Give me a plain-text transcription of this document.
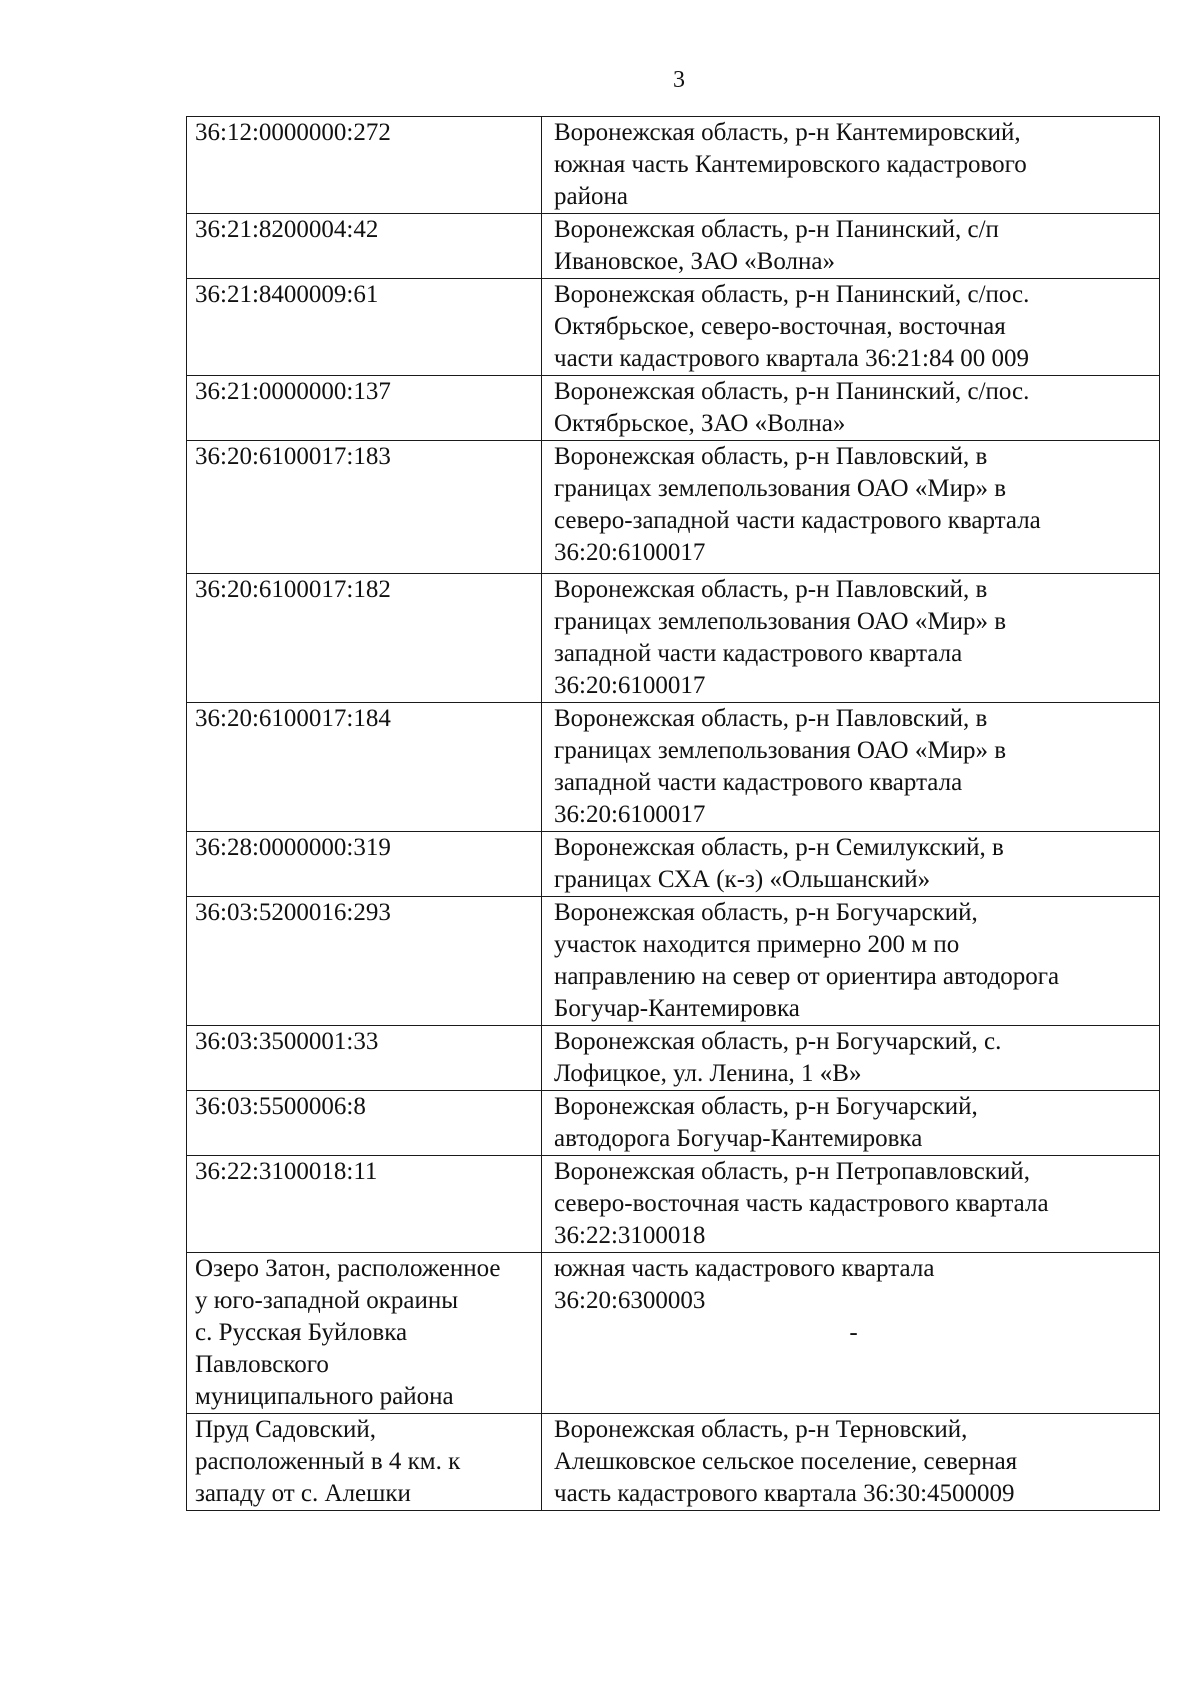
3
36:12:0000000:272	Воронежская область, р-н Кантемировский,
южная часть Кантемировского кадастрового
района

36:21:8200004:42	Воронежская область, р-н Панинский, с/п
Ивановское, ЗАО «Волна»

36:21:8400009:61	Воронежская область, р-н Панинский, с/пос.
Октябрьское, северо-восточная, восточная
части кадастрового квартала 36:21:84 00 009

36:21:0000000:137	Воронежская область, р-н Панинский, с/пос.
Октябрьское, ЗАО «Волна»

36:20:6100017:183	Воронежская область, р-н Павловский, в
границах землепользования ОАО «Мир» в
северо-западной части кадастрового квартала
36:20:6100017

36:20:6100017:182	Воронежская область, р-н Павловский, в
границах землепользования ОАО «Мир» в
западной части кадастрового квартала
36:20:6100017

36:20:6100017:184	Воронежская область, р-н Павловский, в
границах землепользования ОАО «Мир» в
западной части кадастрового квартала
36:20:6100017

36:28:0000000:319	Воронежская область, р-н Семилукский, в
границах СХА (к-з) «Ольшанский»

36:03:5200016:293	Воронежская область, р-н Богучарский,
участок находится примерно 200 м по
направлению на север от ориентира автодорога
Богучар-Кантемировка

36:03:3500001:33	Воронежская область, р-н Богучарский, с.
Лофицкое, ул. Ленина, 1 «В»

36:03:5500006:8	Воронежская область, р-н Богучарский,
автодорога Богучар-Кантемировка

36:22:3100018:11	Воронежская область, р-н Петропавловский,
северо-восточная часть кадастрового квартала
36:22:3100018

Озеро Затон, расположенное
у юго-западной окраины
с. Русская Буйловка
Павловского
муниципального района	южная часть кадастрового квартала
36:20:6300003
-

Пруд Садовский,
расположенный в 4 км. к
западу от с. Алешки	Воронежская область, р-н Терновский,
Алешковское сельское поселение, северная
часть кадастрового квартала 36:30:4500009
